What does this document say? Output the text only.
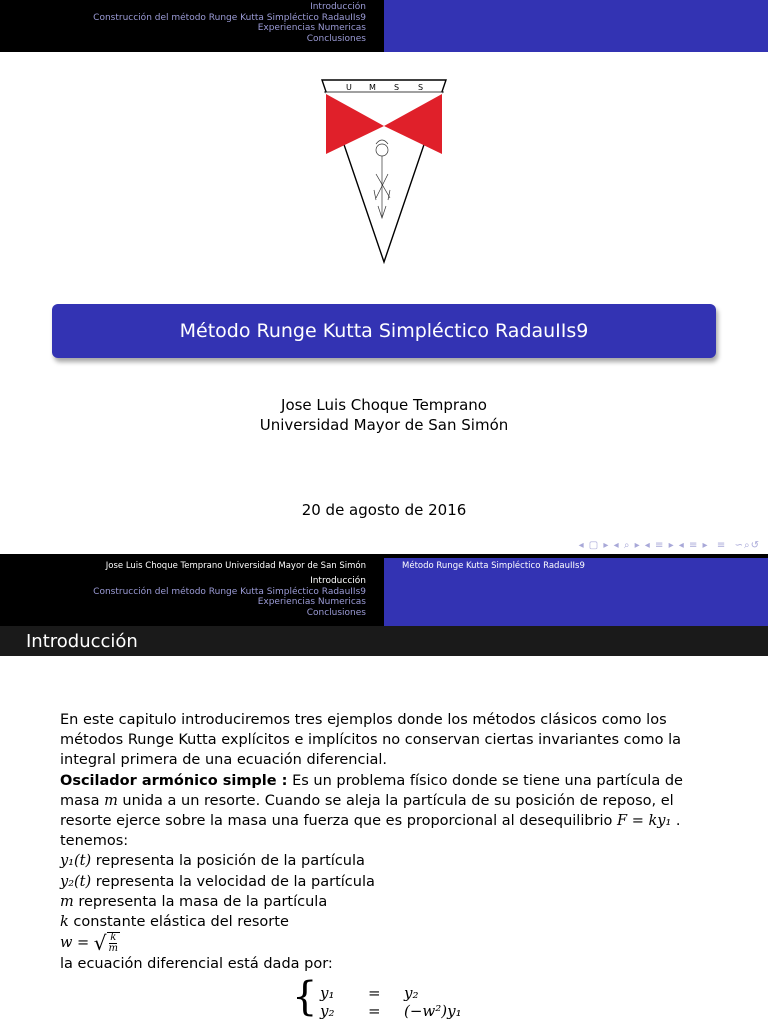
Introducción
Construcción del método Runge Kutta Simpléctico RadauIIs9
Experiencias Numericas
Conclusiones
U M S S
Método Runge Kutta Simpléctico RadauIIs9
Jose Luis Choque Temprano
Universidad Mayor de San Simón
20 de agosto de 2016
◂ ▢ ▸ ◂ ⌕ ▸ ◂ ≡ ▸ ◂ ≡ ▸  ≡  ∽⌕↺
Jose Luis Choque Temprano Universidad Mayor de San Simón	Método Runge Kutta Simpléctico RadauIIs9
Introducción
Construcción del método Runge Kutta Simpléctico RadauIIs9
Experiencias Numericas
Conclusiones
Introducción

En este capitulo introduciremos tres ejemplos donde los métodos clásicos como los métodos Runge Kutta explícitos e implícitos no conservan ciertas invariantes como la integral primera de una ecuación diferencial.

Oscilador armónico simple : Es un problema físico donde se tiene una partícula de masa m unida a un resorte. Cuando se aleja la partícula de su posición de reposo, el resorte ejerce sobre la masa una fuerza que es proporcional al desequilibrio F = ky₁ .

tenemos:

y₁(t) representa la posición de la partícula

y₂(t) representa la velocidad de la partícula

m representa la masa de la partícula

k constante elástica del resorte

w = √ $\frac{k}{m}$

la ecuación diferencial está dada por:

{ y₁	=	y₂
y₂	=	(−w²)y₁
